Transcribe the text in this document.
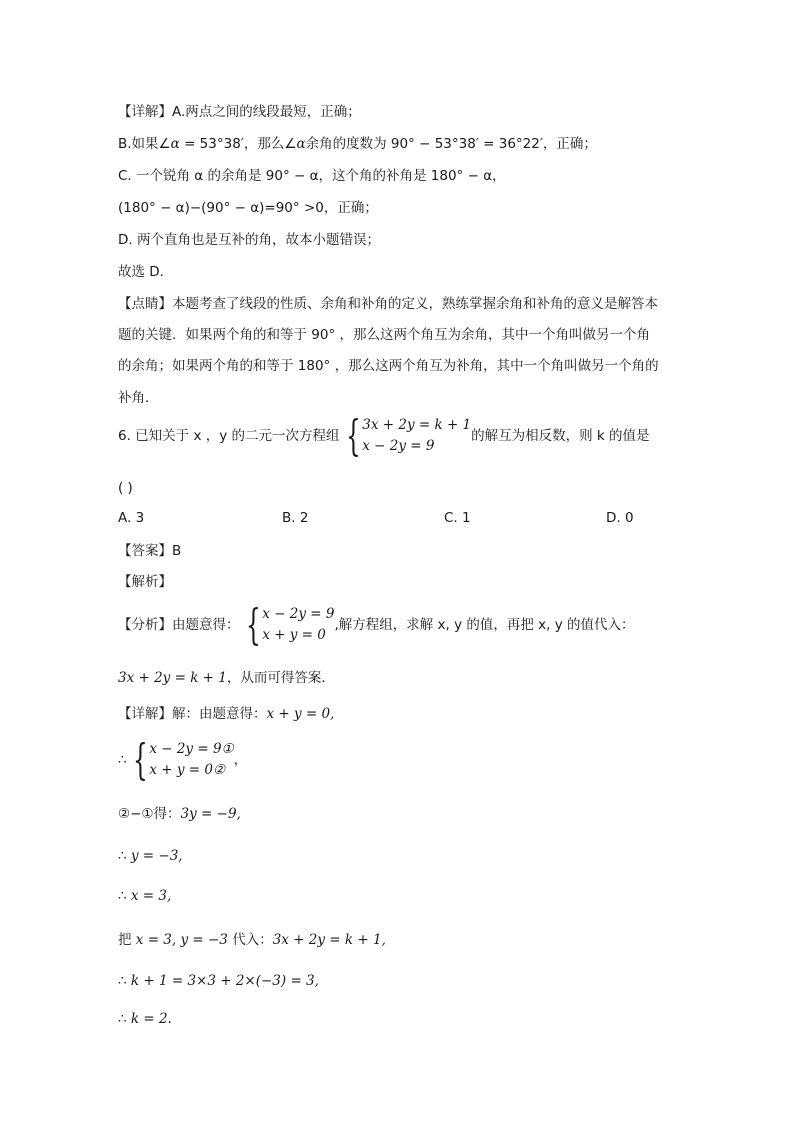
【详解】A.两点之间的线段最短，正确；
B.如果∠α = 53°38′，那么∠α余角的度数为 90° − 53°38′ = 36°22′，正确；
C. 一个锐角 α 的余角是 90° − α，这个角的补角是 180° − α，
(180° − α)−(90° − α)=90° >0，正确；
D. 两个直角也是互补的角，故本小题错误；
故选 D．
【点睛】本题考查了线段的性质、余角和补角的定义，熟练掌握余角和补角的意义是解答本
题的关键．如果两个角的和等于 90° ，那么这两个角互为余角，其中一个角叫做另一个角
的余角；如果两个角的和等于 180° ，那么这两个角互为补角，其中一个角叫做另一个角的
补角．
6. 已知关于 x ，y 的二元一次方程组 { 3x + 2y = k + 1
x − 2y = 9
的解互为相反数，则 k 的值是
( )
A. 3	B. 2	C. 1	D. 0
【答案】B
【解析】
【分析】由题意得： { x − 2y = 9
x + y = 0
,解方程组，求解 x, y 的值，再把 x, y 的值代入：
3x + 2y = k + 1，从而可得答案．
【详解】解：由题意得：x + y = 0,
∴ { x − 2y = 9①
x + y = 0②
，
②−①得：3y = −9,
∴ y = −3,
∴ x = 3,
把 x = 3, y = −3 代入：3x + 2y = k + 1,
∴ k + 1 = 3×3 + 2×(−3) = 3,
∴ k = 2.
